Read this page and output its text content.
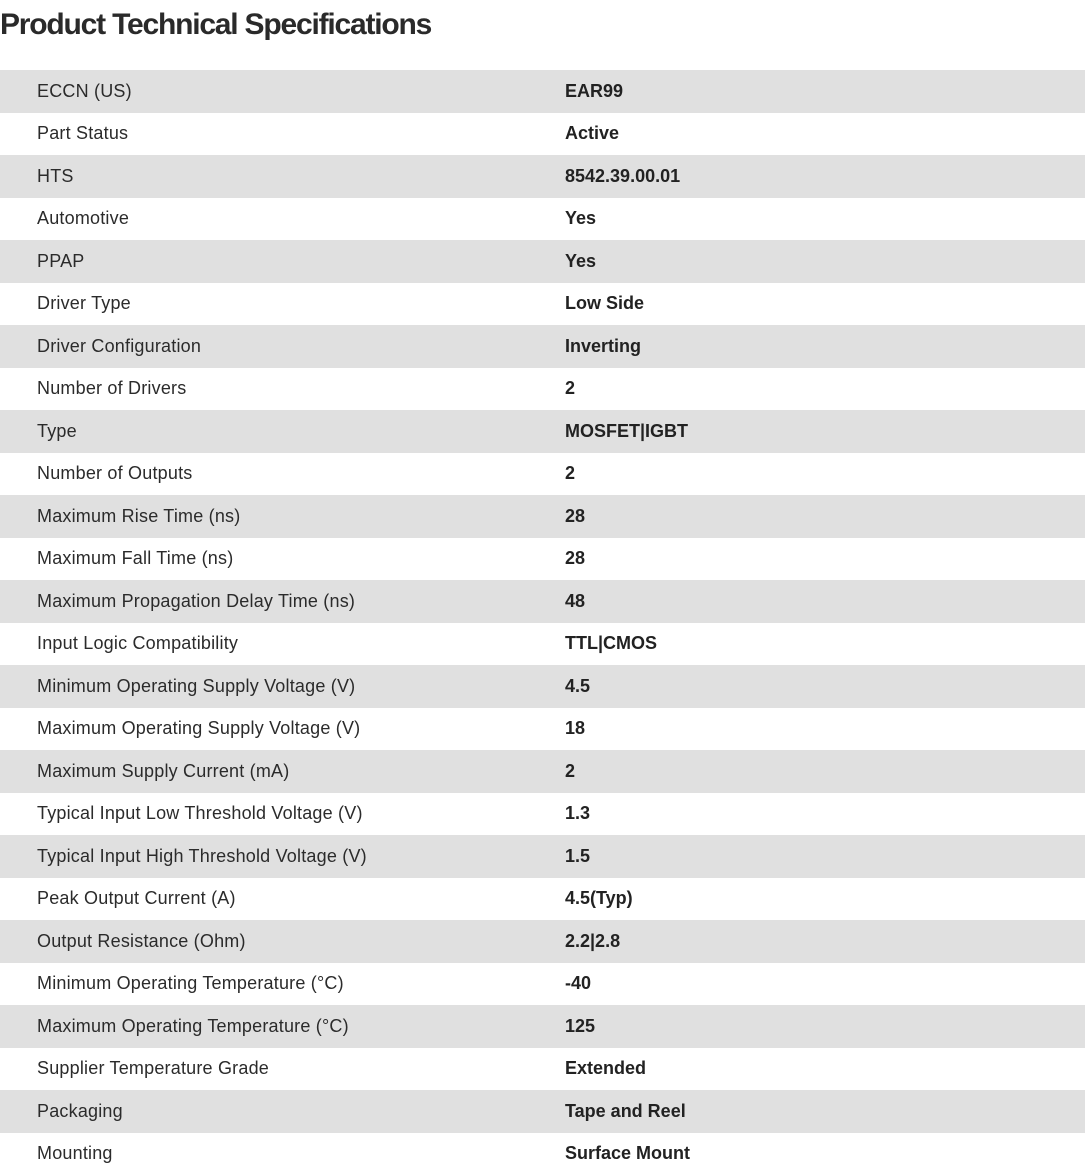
Product Technical Specifications
ECCN (US)	EAR99
Part Status	Active
HTS	8542.39.00.01
Automotive	Yes
PPAP	Yes
Driver Type	Low Side
Driver Configuration	Inverting
Number of Drivers	2
Type	MOSFET|IGBT
Number of Outputs	2
Maximum Rise Time (ns)	28
Maximum Fall Time (ns)	28
Maximum Propagation Delay Time (ns)	48
Input Logic Compatibility	TTL|CMOS
Minimum Operating Supply Voltage (V)	4.5
Maximum Operating Supply Voltage (V)	18
Maximum Supply Current (mA)	2
Typical Input Low Threshold Voltage (V)	1.3
Typical Input High Threshold Voltage (V)	1.5
Peak Output Current (A)	4.5(Typ)
Output Resistance (Ohm)	2.2|2.8
Minimum Operating Temperature (°C)	-40
Maximum Operating Temperature (°C)	125
Supplier Temperature Grade	Extended
Packaging	Tape and Reel
Mounting	Surface Mount
